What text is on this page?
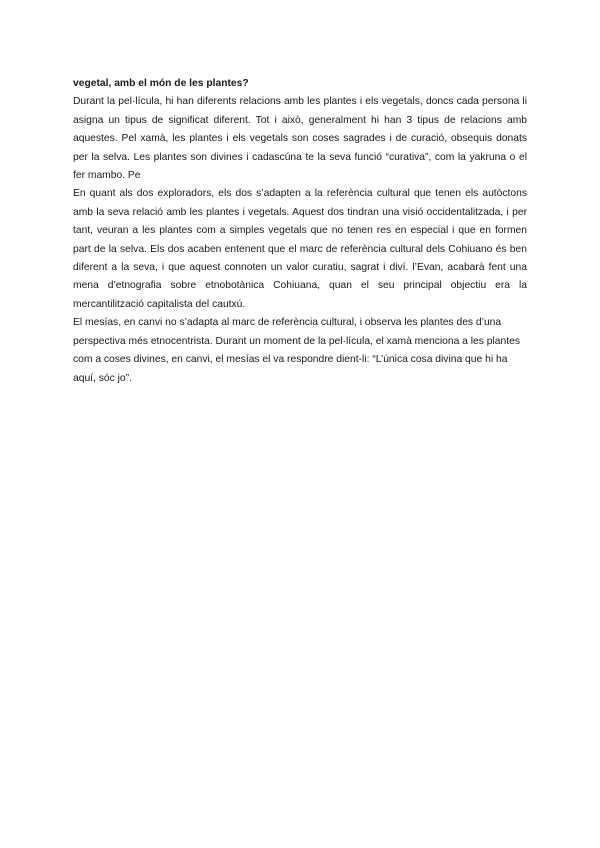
vegetal, amb el món de les plantes?

Durant la pel·lícula, hi han diferents relacions amb les plantes i els vegetals, doncs cada persona li asigna un tipus de significat diferent. Tot i això, generalment hi han 3 tipus de relacions amb aquestes. Pel xamà, les plantes i els vegetals son coses sagrades i de curació, obsequis donats per la selva. Les plantes son divines i cadascúna te la seva funció “curativa”, com la yakruna o el fer mambo. Pe

En quant als dos exploradors, els dos s’adapten a la referència cultural que tenen els autòctons amb la seva relació amb les plantes i vegetals. Aquest dos tindran una visió occidentalitzada, i per tant, veuran a les plantes com a simples vegetals que no tenen res en especial i que en formen part de la selva. Els dos acaben entenent que el marc de referència cultural dels Cohiuano és ben diferent a la seva, i que aquest connoten un valor curatiu, sagrat i diví. l’Evan, acabarà fent una mena d’etnografia sobre etnobotànica Cohiuana, quan el seu principal objectiu era la mercantilització capitalista del cautxú.

El mesías, en canvi no s’adapta al marc de referència cultural, i observa les plantes des d’una perspectiva més etnocentrista. Durant un moment de la pel·lícula, el xamà menciona a les plantes com a coses divines, en canvi, el mesías el va respondre dient-li: “L’única cosa divina que hi ha aquí, sóc jo”.
